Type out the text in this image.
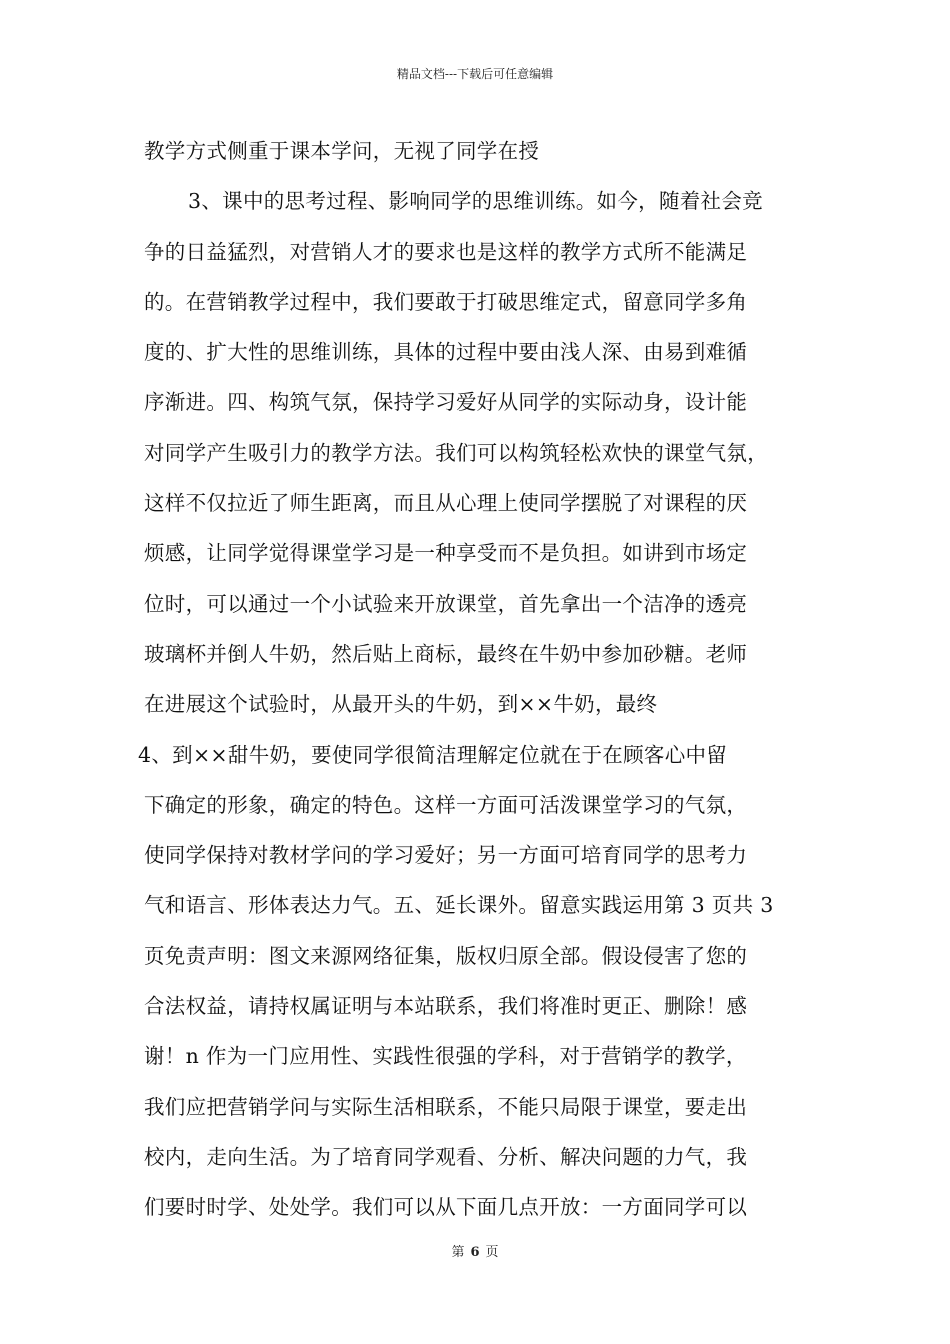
精品文档---下载后可任意编辑
教学方式侧重于课本学问，无视了同学在授
3、课中的思考过程、影响同学的思维训练。如今，随着社会竞
争的日益猛烈，对营销人才的要求也是这样的教学方式所不能满足
的。在营销教学过程中，我们要敢于打破思维定式，留意同学多角
度的、扩大性的思维训练，具体的过程中要由浅人深、由易到难循
序渐进。四、构筑气氛，保持学习爱好从同学的实际动身，设计能
对同学产生吸引力的教学方法。我们可以构筑轻松欢快的课堂气氛，
这样不仅拉近了师生距离，而且从心理上使同学摆脱了对课程的厌
烦感，让同学觉得课堂学习是一种享受而不是负担。如讲到市场定
位时，可以通过一个小试验来开放课堂，首先拿出一个洁净的透亮
玻璃杯并倒人牛奶，然后贴上商标，最终在牛奶中参加砂糖。老师
在进展这个试验时，从最开头的牛奶，到××牛奶，最终
4、到××甜牛奶，要使同学很简洁理解定位就在于在顾客心中留
下确定的形象，确定的特色。这样一方面可活泼课堂学习的气氛，
使同学保持对教材学问的学习爱好；另一方面可培育同学的思考力
气和语言、形体表达力气。五、延长课外。留意实践运用第 3 页共 3
页免责声明：图文来源网络征集，版权归原全部。假设侵害了您的
合法权益，请持权属证明与本站联系，我们将准时更正、删除！感
谢！n 作为一门应用性、实践性很强的学科，对于营销学的教学，
我们应把营销学问与实际生活相联系，不能只局限于课堂，要走出
校内，走向生活。为了培育同学观看、分析、解决问题的力气，我
们要时时学、处处学。我们可以从下面几点开放：一方面同学可以
第 6 页
